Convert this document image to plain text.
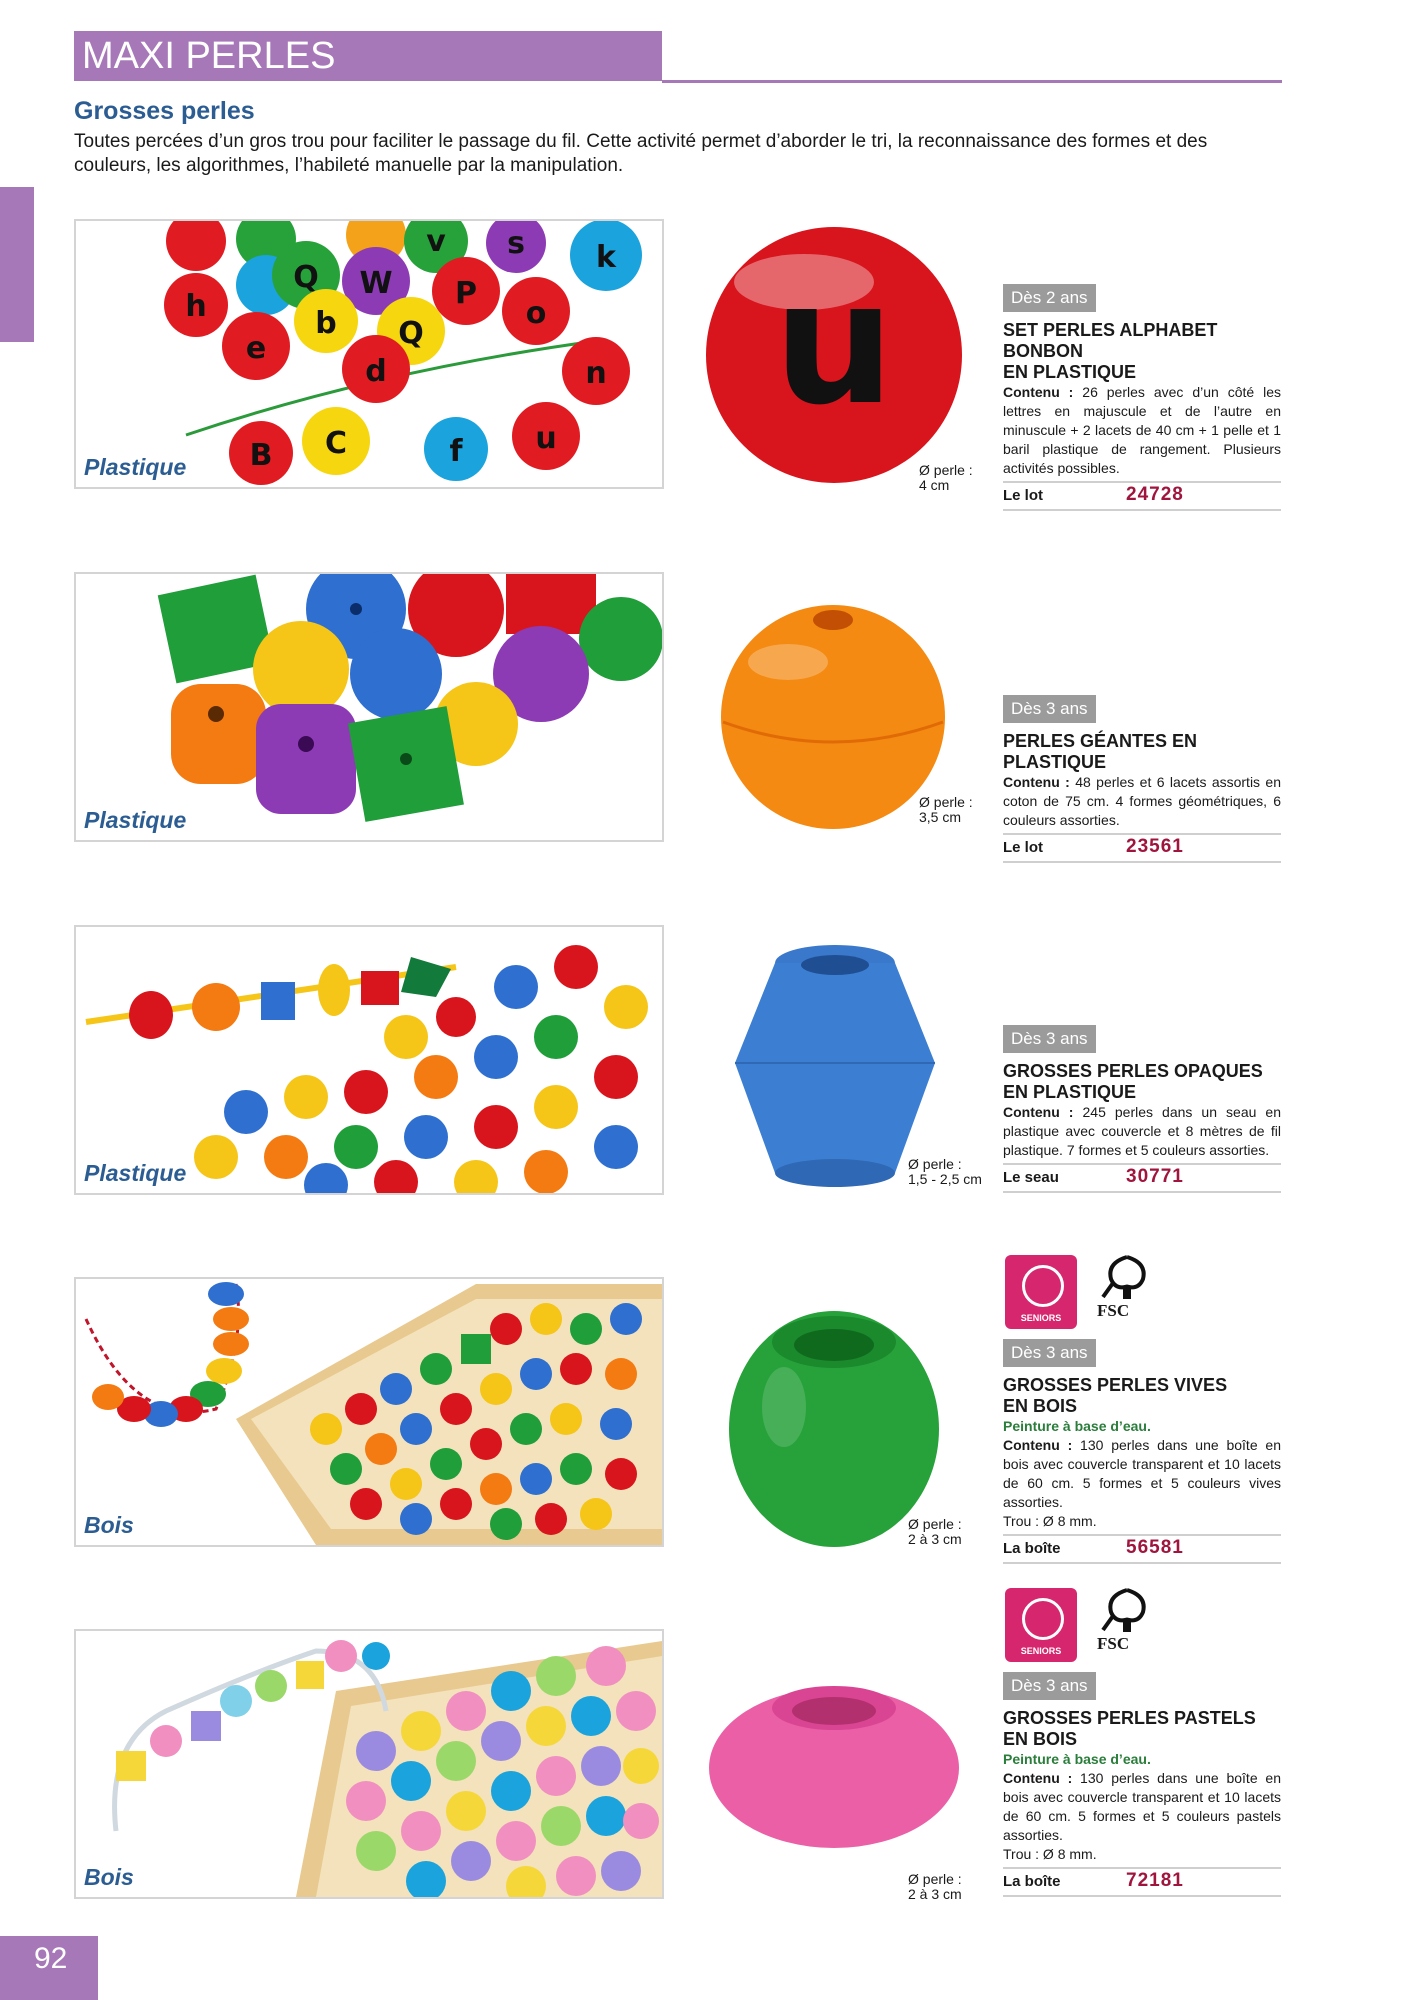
MAXI PERLES
Grosses perles
Toutes percées d’un gros trou pour faciliter le passage du fil. Cette activité permet d’aborder le tri, la reconnaissance des formes et des couleurs, les algorithmes, l’habileté manuelle par la manipulation.
v s k
h
Q W P
o
b Q
e
d	n
u
f
C
B
Plastique
u
Ø perle :
4 cm
Dès 2 ans
SET PERLES ALPHABET BONBON
EN PLASTIQUE
Contenu : 26 perles avec d’un côté les lettres en majuscule et de l’autre en minuscule + 2 lacets de 40 cm + 1 pelle et 1 baril plastique de rangement. Plusieurs activités possibles.
Le lot	24728
Plastique
Ø perle :
3,5 cm
Dès 3 ans
PERLES GÉANTES EN PLASTIQUE
Contenu : 48 perles et 6 lacets assortis en coton de 75 cm. 4 formes géométriques, 6 couleurs assorties.
Le lot	23561
Plastique	Ø perle :
1,5 - 2,5 cm
Dès 3 ans
GROSSES PERLES OPAQUES
EN PLASTIQUE
Contenu : 245 perles dans un seau en plastique avec couvercle et 8 mètres de fil plastique. 7 formes et 5 couleurs assorties.
Le seau	30771
Bois	Ø perle :
2 à 3 cm
SENIORS	FSC
Dès 3 ans
GROSSES PERLES VIVES
EN BOIS
Peinture à base d’eau.
Contenu : 130 perles dans une boîte en bois avec couvercle transparent et 10 lacets de 60 cm. 5 formes et 5 couleurs vives assorties.
Trou : Ø 8 mm.
La boîte	56581
Bois	Ø perle :
2 à 3 cm
SENIORS	FSC
Dès 3 ans
GROSSES PERLES PASTELS
EN BOIS
Peinture à base d’eau.
Contenu : 130 perles dans une boîte en bois avec couvercle transparent et 10 lacets de 60 cm. 5 formes et 5 couleurs pastels assorties.
Trou : Ø 8 mm.
La boîte	72181
92
